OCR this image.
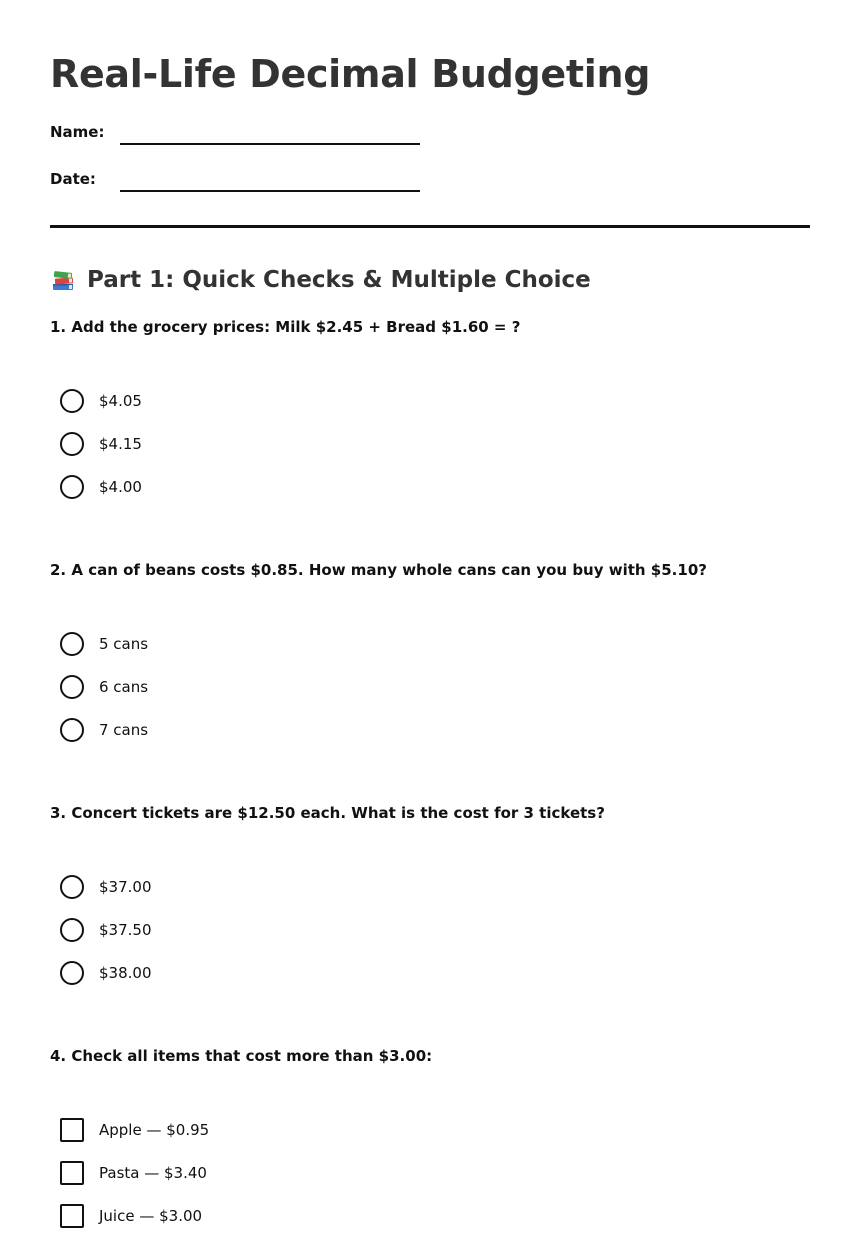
Real-Life Decimal Budgeting
Name:
Date:
Part 1: Quick Checks & Multiple Choice
1. Add the grocery prices: Milk $2.45 + Bread $1.60 = ?
$4.05
$4.15
$4.00
2. A can of beans costs $0.85. How many whole cans can you buy with $5.10?
5 cans
6 cans
7 cans
3. Concert tickets are $12.50 each. What is the cost for 3 tickets?
$37.00
$37.50
$38.00
4. Check all items that cost more than $3.00:
Apple — $0.95
Pasta — $3.40
Juice — $3.00
